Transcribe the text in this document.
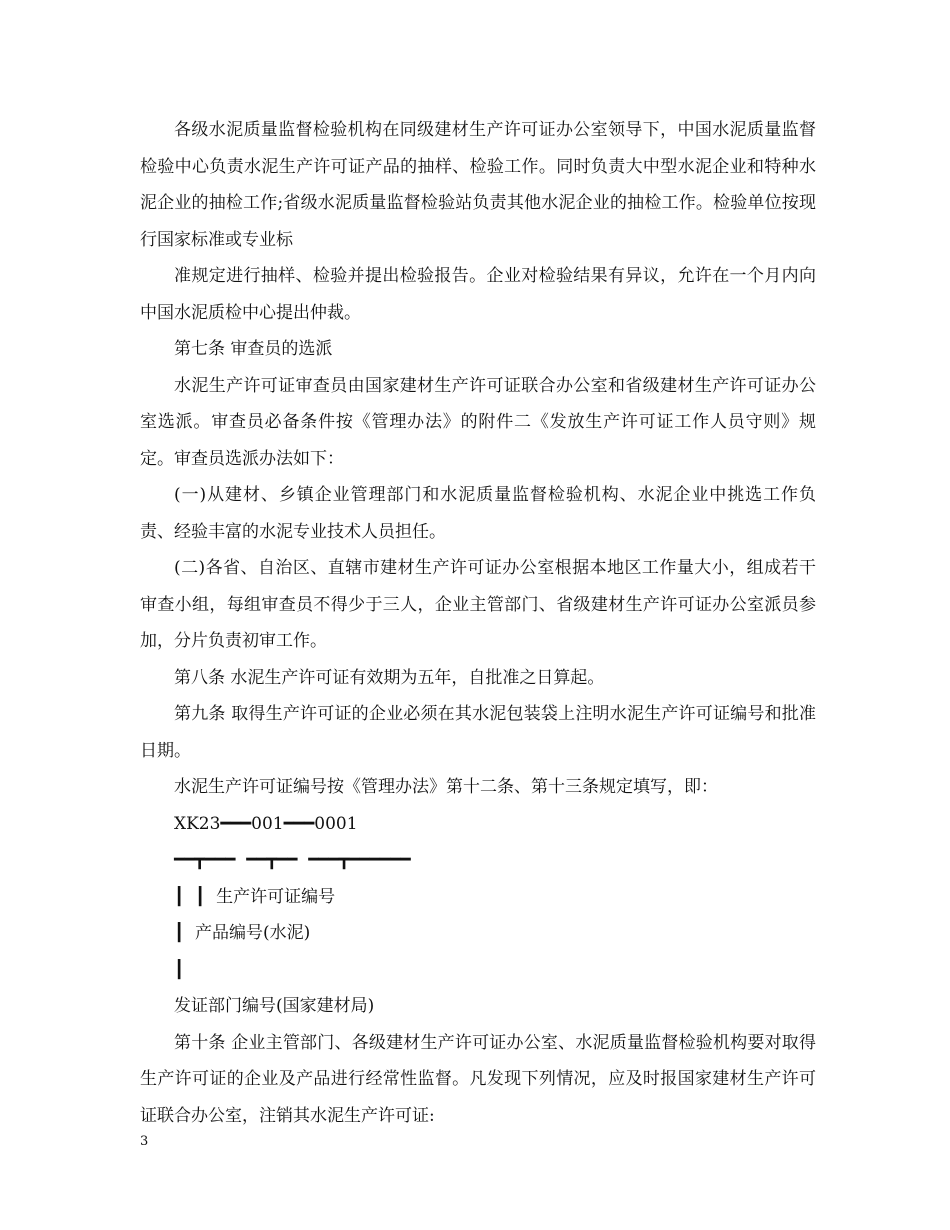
各级水泥质量监督检验机构在同级建材生产许可证办公室领导下，中国水泥质量监督检验中心负责水泥生产许可证产品的抽样、检验工作。同时负责大中型水泥企业和特种水泥企业的抽检工作;省级水泥质量监督检验站负责其他水泥企业的抽检工作。检验单位按现行国家标准或专业标

准规定进行抽样、检验并提出检验报告。企业对检验结果有异议，允许在一个月内向中国水泥质检中心提出仲裁。

第七条 审查员的选派

水泥生产许可证审查员由国家建材生产许可证联合办公室和省级建材生产许可证办公室选派。审查员必备条件按《管理办法》的附件二《发放生产许可证工作人员守则》规定。审查员选派办法如下：

(一)从建材、乡镇企业管理部门和水泥质量监督检验机构、水泥企业中挑选工作负责、经验丰富的水泥专业技术人员担任。

(二)各省、自治区、直辖市建材生产许可证办公室根据本地区工作量大小，组成若干审查小组，每组审查员不得少于三人，企业主管部门、省级建材生产许可证办公室派员参加，分片负责初审工作。

第八条 水泥生产许可证有效期为五年，自批准之日算起。

第九条 取得生产许可证的企业必须在其水泥包装袋上注明水泥生产许可证编号和批准日期。

水泥生产许可证编号按《管理办法》第十二条、第十三条规定填写，即：

XK23━━━001━━━0001
━━┳━━━  ━━┳━━  ━━━┳━━━━━━
┃  ┃  生产许可证编号
┃  产品编号(水泥)
┃
发证部门编号(国家建材局)

第十条 企业主管部门、各级建材生产许可证办公室、水泥质量监督检验机构要对取得生产许可证的企业及产品进行经常性监督。凡发现下列情况，应及时报国家建材生产许可证联合办公室，注销其水泥生产许可证:

3
